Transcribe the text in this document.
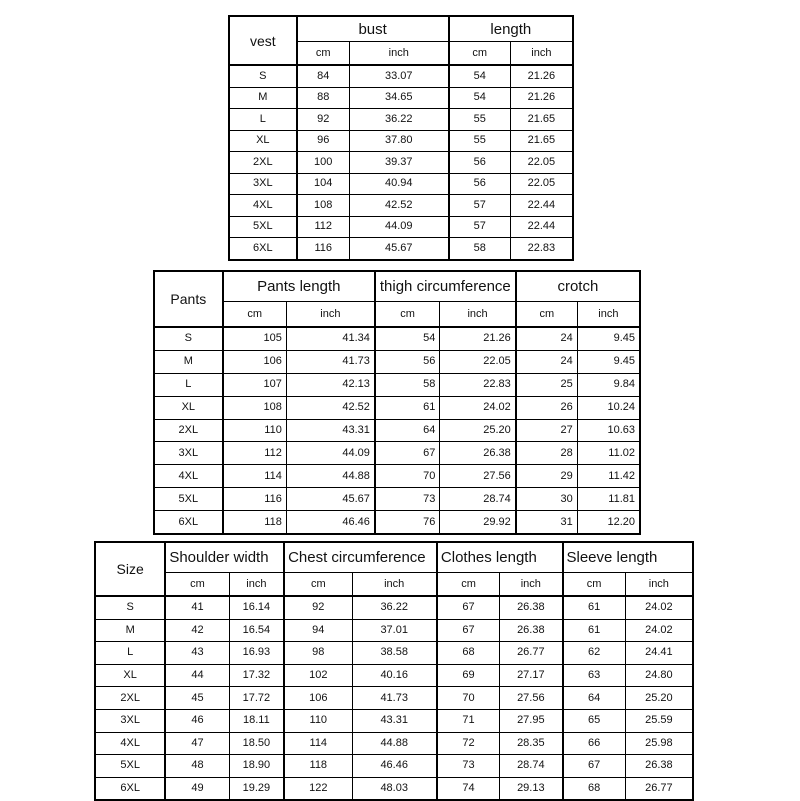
vest	bust		length	
	cm	inch	cm	inch
S	84	33.07	54	21.26
M	88	34.65	54	21.26
L	92	36.22	55	21.65
XL	96	37.80	55	21.65
2XL	100	39.37	56	22.05
3XL	104	40.94	56	22.05
4XL	108	42.52	57	22.44
5XL	112	44.09	57	22.44
6XL	116	45.67	58	22.83
Pants	Pants length		thigh circumference		crotch	
	cm	inch	cm	inch	cm	inch
S	105	41.34	54	21.26	24	9.45
M	106	41.73	56	22.05	24	9.45
L	107	42.13	58	22.83	25	9.84
XL	108	42.52	61	24.02	26	10.24
2XL	110	43.31	64	25.20	27	10.63
3XL	112	44.09	67	26.38	28	11.02
4XL	114	44.88	70	27.56	29	11.42
5XL	116	45.67	73	28.74	30	11.81
6XL	118	46.46	76	29.92	31	12.20
Size	Shoulder width		Chest circumference		Clothes length		Sleeve length	
	cm	inch	cm	inch	cm	inch	cm	inch
S	41	16.14	92	36.22	67	26.38	61	24.02
M	42	16.54	94	37.01	67	26.38	61	24.02
L	43	16.93	98	38.58	68	26.77	62	24.41
XL	44	17.32	102	40.16	69	27.17	63	24.80
2XL	45	17.72	106	41.73	70	27.56	64	25.20
3XL	46	18.11	110	43.31	71	27.95	65	25.59
4XL	47	18.50	114	44.88	72	28.35	66	25.98
5XL	48	18.90	118	46.46	73	28.74	67	26.38
6XL	49	19.29	122	48.03	74	29.13	68	26.77
